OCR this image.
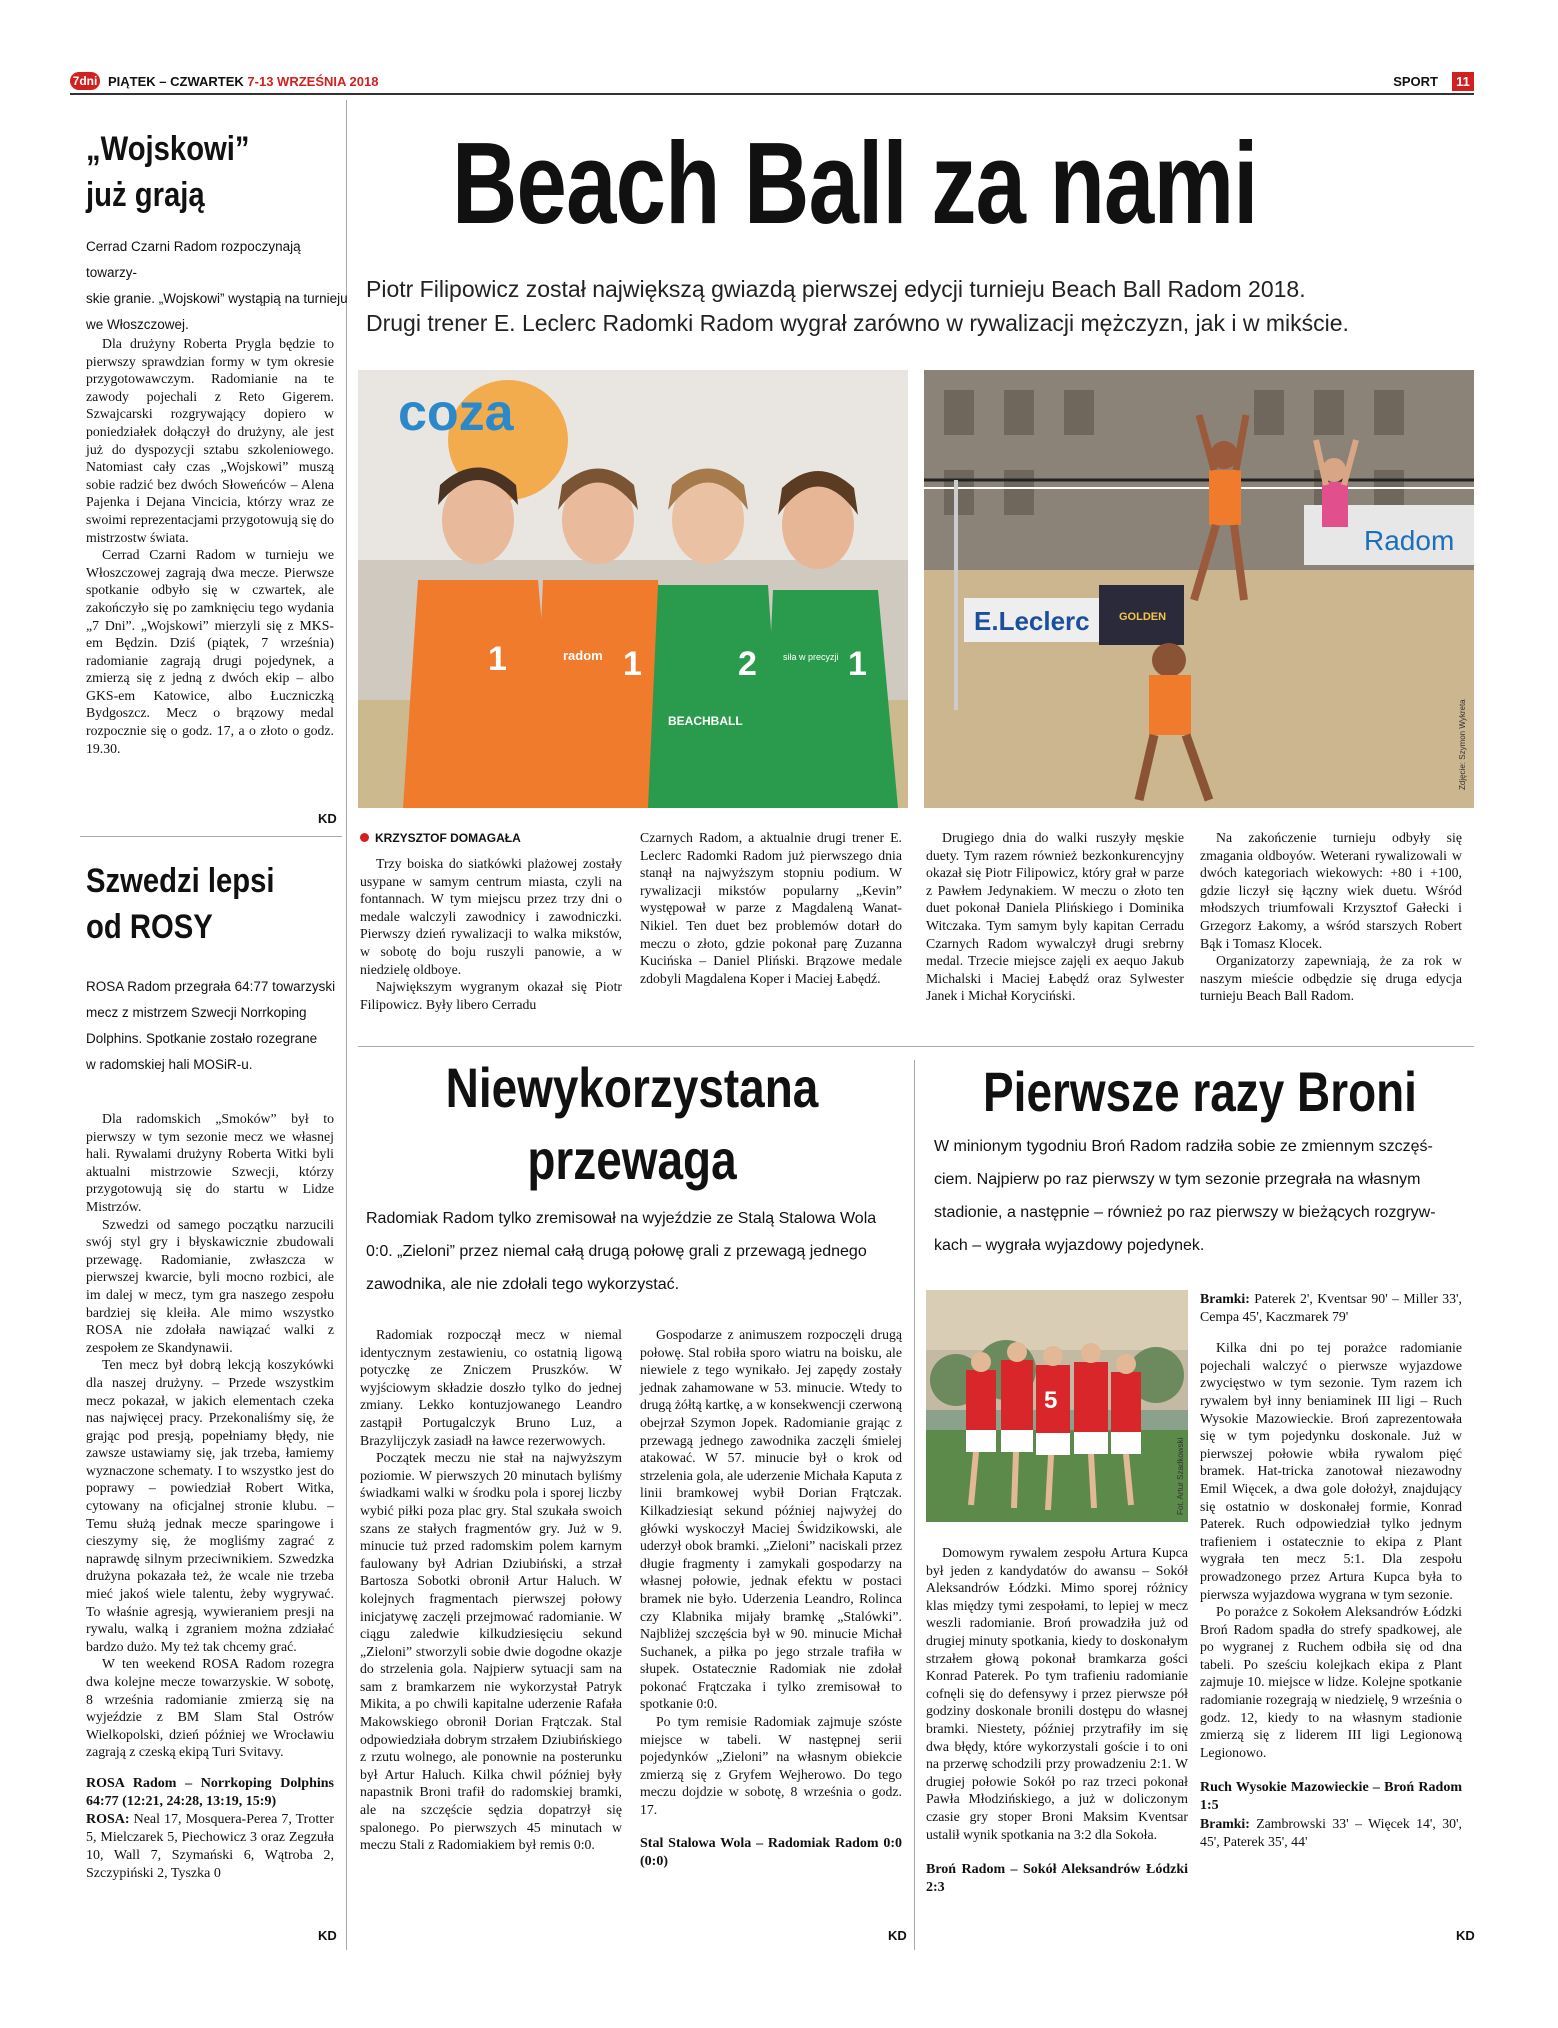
7dni PIĄTEK – CZWARTEK 7-13 WRZEŚNIA 2018	SPORT	11
„Wojskowi”
już grają
Cerrad Czarni Radom rozpoczynają towarzy-
skie granie. „Wojskowi” wystąpią na turnieju
we Włoszczowej.

Dla drużyny Roberta Prygla będzie to pierwszy sprawdzian formy w tym okresie przygotowawczym. Radomianie na te zawody pojechali z Reto Gigerem. Szwajcarski rozgrywający dopiero w poniedziałek dołączył do drużyny, ale jest już do dyspozycji sztabu szkoleniowego. Natomiast cały czas „Wojskowi” muszą sobie radzić bez dwóch Słoweńców – Alena Pajenka i Dejana Vincicia, którzy wraz ze swoimi reprezentacjami przygotowują się do mistrzostw świata.

Cerrad Czarni Radom w turnieju we Włoszczowej zagrają dwa mecze. Pierwsze spotkanie odbyło się w czwartek, ale zakończyło się po zamknięciu tego wydania „7 Dni”. „Wojskowi” mierzyli się z MKS-em Będzin. Dziś (piątek, 7 września) radomianie zagrają drugi pojedynek, a zmierzą się z jedną z dwóch ekip – albo GKS-em Katowice, albo Łuczniczką Bydgoszcz. Mecz o brązowy medal rozpocznie się o godz. 17, a o złoto o godz. 19.30.

KD
Szwedzi lepsi
od ROSY
ROSA Radom przegrała 64:77 towarzyski
mecz z mistrzem Szwecji Norrkoping
Dolphins. Spotkanie zostało rozegrane
w radomskiej hali MOSiR-u.

Dla radomskich „Smoków” był to pierwszy w tym sezonie mecz we własnej hali. Rywalami drużyny Roberta Witki byli aktualni mistrzowie Szwecji, którzy przygotowują się do startu w Lidze Mistrzów.

Szwedzi od samego początku narzucili swój styl gry i błyskawicznie zbudowali przewagę. Radomianie, zwłaszcza w pierwszej kwarcie, byli mocno rozbici, ale im dalej w mecz, tym gra naszego zespołu bardziej się kleiła. Ale mimo wszystko ROSA nie zdołała nawiązać walki z zespołem ze Skandynawii.

Ten mecz był dobrą lekcją koszykówki dla naszej drużyny. – Przede wszystkim mecz pokazał, w jakich elementach czeka nas najwięcej pracy. Przekonaliśmy się, że grając pod presją, popełniamy błędy, nie zawsze ustawiamy się, jak trzeba, łamiemy wyznaczone schematy. I to wszystko jest do poprawy – powiedział Robert Witka, cytowany na oficjalnej stronie klubu. – Temu służą jednak mecze sparingowe i cieszymy się, że mogliśmy zagrać z naprawdę silnym przeciwnikiem. Szwedzka drużyna pokazała też, że wcale nie trzeba mieć jakoś wiele talentu, żeby wygrywać. To właśnie agresją, wywieraniem presji na rywalu, walką i zgraniem można zdziałać bardzo dużo. My też tak chcemy grać.

W ten weekend ROSA Radom rozegra dwa kolejne mecze towarzyskie. W sobotę, 8 września radomianie zmierzą się na wyjeździe z BM Slam Stal Ostrów Wielkopolski, dzień później we Wrocławiu zagrają z czeską ekipą Turi Svitavy.

ROSA Radom – Norrkoping Dolphins 64:77 (12:21, 24:28, 13:19, 15:9)
ROSA: Neal 17, Mosquera-Perea 7, Trotter 5, Mielczarek 5, Piechowicz 3 oraz Zegzuła 10, Wall 7, Szymański 6, Wątroba 2, Szczypiński 2, Tyszka 0
KD
Beach Ball za nami
Piotr Filipowicz został największą gwiazdą pierwszej edycji turnieju Beach Ball Radom 2018.
Drugi trener E. Leclerc Radomki Radom wygrał zarówno w rywalizacji mężczyzn, jak i w mikście.
coza
1	1
radom	2
BEACHBALL
1
siła w precyzji
E.Leclerc	GOLDEN
Radom
Zdjęcie: Szymon Wykreta
KRZYSZTOF DOMAGAŁA

Trzy boiska do siatkówki plażowej zostały usypane w samym centrum miasta, czyli na fontannach. W tym miejscu przez trzy dni o medale walczyli zawodnicy i zawodniczki. Pierwszy dzień rywalizacji to walka mikstów, w sobotę do boju ruszyli panowie, a w niedzielę oldboye.

Największym wygranym okazał się Piotr Filipowicz. Były libero Cerradu

Czarnych Radom, a aktualnie drugi trener E. Leclerc Radomki Radom już pierwszego dnia stanął na najwyższym stopniu podium. W rywalizacji mikstów popularny „Kevin” występował w parze z Magdaleną Wanat-Nikiel. Ten duet bez problemów dotarł do meczu o złoto, gdzie pokonał parę Zuzanna Kucińska – Daniel Pliński. Brązowe medale zdobyli Magdalena Koper i Maciej Łabędź.

Drugiego dnia do walki ruszyły męskie duety. Tym razem również bezkonkurencyjny okazał się Piotr Filipowicz, który grał w parze z Pawłem Jedynakiem. W meczu o złoto ten duet pokonał Daniela Plińskiego i Dominika Witczaka. Tym samym byly kapitan Cerradu Czarnych Radom wywalczył drugi srebrny medal. Trzecie miejsce zajęli ex aequo Jakub Michalski i Maciej Łabędź oraz Sylwester Janek i Michał Koryciński.

Na zakończenie turnieju odbyły się zmagania oldboyów. Weterani rywalizowali w dwóch kategoriach wiekowych: +80 i +100, gdzie liczył się łączny wiek duetu. Wśród młodszych triumfowali Krzysztof Gałecki i Grzegorz Łakomy, a wśród starszych Robert Bąk i Tomasz Klocek.

Organizatorzy zapewniają, że za rok w naszym mieście odbędzie się druga edycja turnieju Beach Ball Radom.

Niewykorzystana
przewaga
Radomiak Radom tylko zremisował na wyjeździe ze Stalą Stalowa Wola
0:0. „Zieloni” przez niemal całą drugą połowę grali z przewagą jednego
zawodnika, ale nie zdołali tego wykorzystać.

Radomiak rozpoczął mecz w niemal identycznym zestawieniu, co ostatnią ligową potyczkę ze Zniczem Pruszków. W wyjściowym składzie doszło tylko do jednej zmiany. Lekko kontuzjowanego Leandro zastąpił Portugalczyk Bruno Luz, a Brazylijczyk zasiadł na ławce rezerwowych.

Początek meczu nie stał na najwyższym poziomie. W pierwszych 20 minutach byliśmy świadkami walki w środku pola i sporej liczby wybić piłki poza plac gry. Stal szukała swoich szans ze stałych fragmentów gry. Już w 9. minucie tuż przed radomskim polem karnym faulowany był Adrian Dziubiński, a strzał Bartosza Sobotki obronił Artur Haluch. W kolejnych fragmentach pierwszej połowy inicjatywę zaczęli przejmować radomianie. W ciągu zaledwie kilkudziesięciu sekund „Zieloni” stworzyli sobie dwie dogodne okazje do strzelenia gola. Najpierw sytuacji sam na sam z bramkarzem nie wykorzystał Patryk Mikita, a po chwili kapitalne uderzenie Rafała Makowskiego obronił Dorian Frątczak. Stal odpowiedziała dobrym strzałem Dziubińskiego z rzutu wolnego, ale ponownie na posterunku był Artur Haluch. Kilka chwil później były napastnik Broni trafił do radomskiej bramki, ale na szczęście sędzia dopatrzył się spalonego. Po pierwszych 45 minutach w meczu Stali z Radomiakiem był remis 0:0.

Gospodarze z animuszem rozpoczęli drugą połowę. Stal robiła sporo wiatru na boisku, ale niewiele z tego wynikało. Jej zapędy zostały jednak zahamowane w 53. minucie. Wtedy to drugą żółtą kartkę, a w konsekwencji czerwoną obejrzał Szymon Jopek. Radomianie grając z przewagą jednego zawodnika zaczęli śmielej atakować. W 57. minucie był o krok od strzelenia gola, ale uderzenie Michała Kaputa z linii bramkowej wybił Dorian Frątczak. Kilkadziesiąt sekund później najwyżej do główki wyskoczył Maciej Świdzikowski, ale uderzył obok bramki. „Zieloni” naciskali przez długie fragmenty i zamykali gospodarzy na własnej połowie, jednak efektu w postaci bramek nie było. Uderzenia Leandro, Rolinca czy Klabnika mijały bramkę „Stalówki”. Najbliżej szczęścia był w 90. minucie Michał Suchanek, a piłka po jego strzale trafiła w słupek. Ostatecznie Radomiak nie zdołał pokonać Frątczaka i tylko zremisował to spotkanie 0:0.

Po tym remisie Radomiak zajmuje szóste miejsce w tabeli. W następnej serii pojedynków „Zieloni” na własnym obiekcie zmierzą się z Gryfem Wejherowo. Do tego meczu dojdzie w sobotę, 8 września o godz. 17.

Stal Stalowa Wola – Radomiak Radom 0:0 (0:0)
KD
Pierwsze razy Broni
W minionym tygodniu Broń Radom radziła sobie ze zmiennym szczęś-
ciem. Najpierw po raz pierwszy w tym sezonie przegrała na własnym
stadionie, a następnie – również po raz pierwszy w bieżących rozgryw-
kach – wygrała wyjazdowy pojedynek.
5
Fot. Artur Szadkowski

Domowym rywalem zespołu Artura Kupca był jeden z kandydatów do awansu – Sokół Aleksandrów Łódzki. Mimo sporej różnicy klas między tymi zespołami, to lepiej w mecz weszli radomianie. Broń prowadziła już od drugiej minuty spotkania, kiedy to doskonałym strzałem głową pokonał bramkarza gości Konrad Paterek. Po tym trafieniu radomianie cofnęli się do defensywy i przez pierwsze pół godziny doskonale bronili dostępu do własnej bramki. Niestety, później przytrafiły im się dwa błędy, które wykorzystali goście i to oni na przerwę schodzili przy prowadzeniu 2:1. W drugiej połowie Sokół po raz trzeci pokonał Pawła Młodzińskiego, a już w doliczonym czasie gry stoper Broni Maksim Kventsar ustalił wynik spotkania na 3:2 dla Sokoła.

Broń Radom – Sokół Aleksandrów Łódzki 2:3
Bramki: Paterek 2', Kventsar 90' – Miller 33', Cempa 45', Kaczmarek 79'

Kilka dni po tej porażce radomianie pojechali walczyć o pierwsze wyjazdowe zwycięstwo w tym sezonie. Tym razem ich rywalem był inny beniaminek III ligi – Ruch Wysokie Mazowieckie. Broń zaprezentowała się w tym pojedynku doskonale. Już w pierwszej połowie wbiła rywalom pięć bramek. Hat-tricka zanotował niezawodny Emil Więcek, a dwa gole dołożył, znajdujący się ostatnio w doskonałej formie, Konrad Paterek. Ruch odpowiedział tylko jednym trafieniem i ostatecznie to ekipa z Plant wygrała ten mecz 5:1. Dla zespołu prowadzonego przez Artura Kupca była to pierwsza wyjazdowa wygrana w tym sezonie.

Po porażce z Sokołem Aleksandrów Łódzki Broń Radom spadła do strefy spadkowej, ale po wygranej z Ruchem odbiła się od dna tabeli. Po sześciu kolejkach ekipa z Plant zajmuje 10. miejsce w lidze. Kolejne spotkanie radomianie rozegrają w niedzielę, 9 września o godz. 12, kiedy to na własnym stadionie zmierzą się z liderem III ligi Legionową Legionowo.

Ruch Wysokie Mazowieckie – Broń Radom 1:5
Bramki: Zambrowski 33' – Więcek 14', 30', 45', Paterek 35', 44'
KD
